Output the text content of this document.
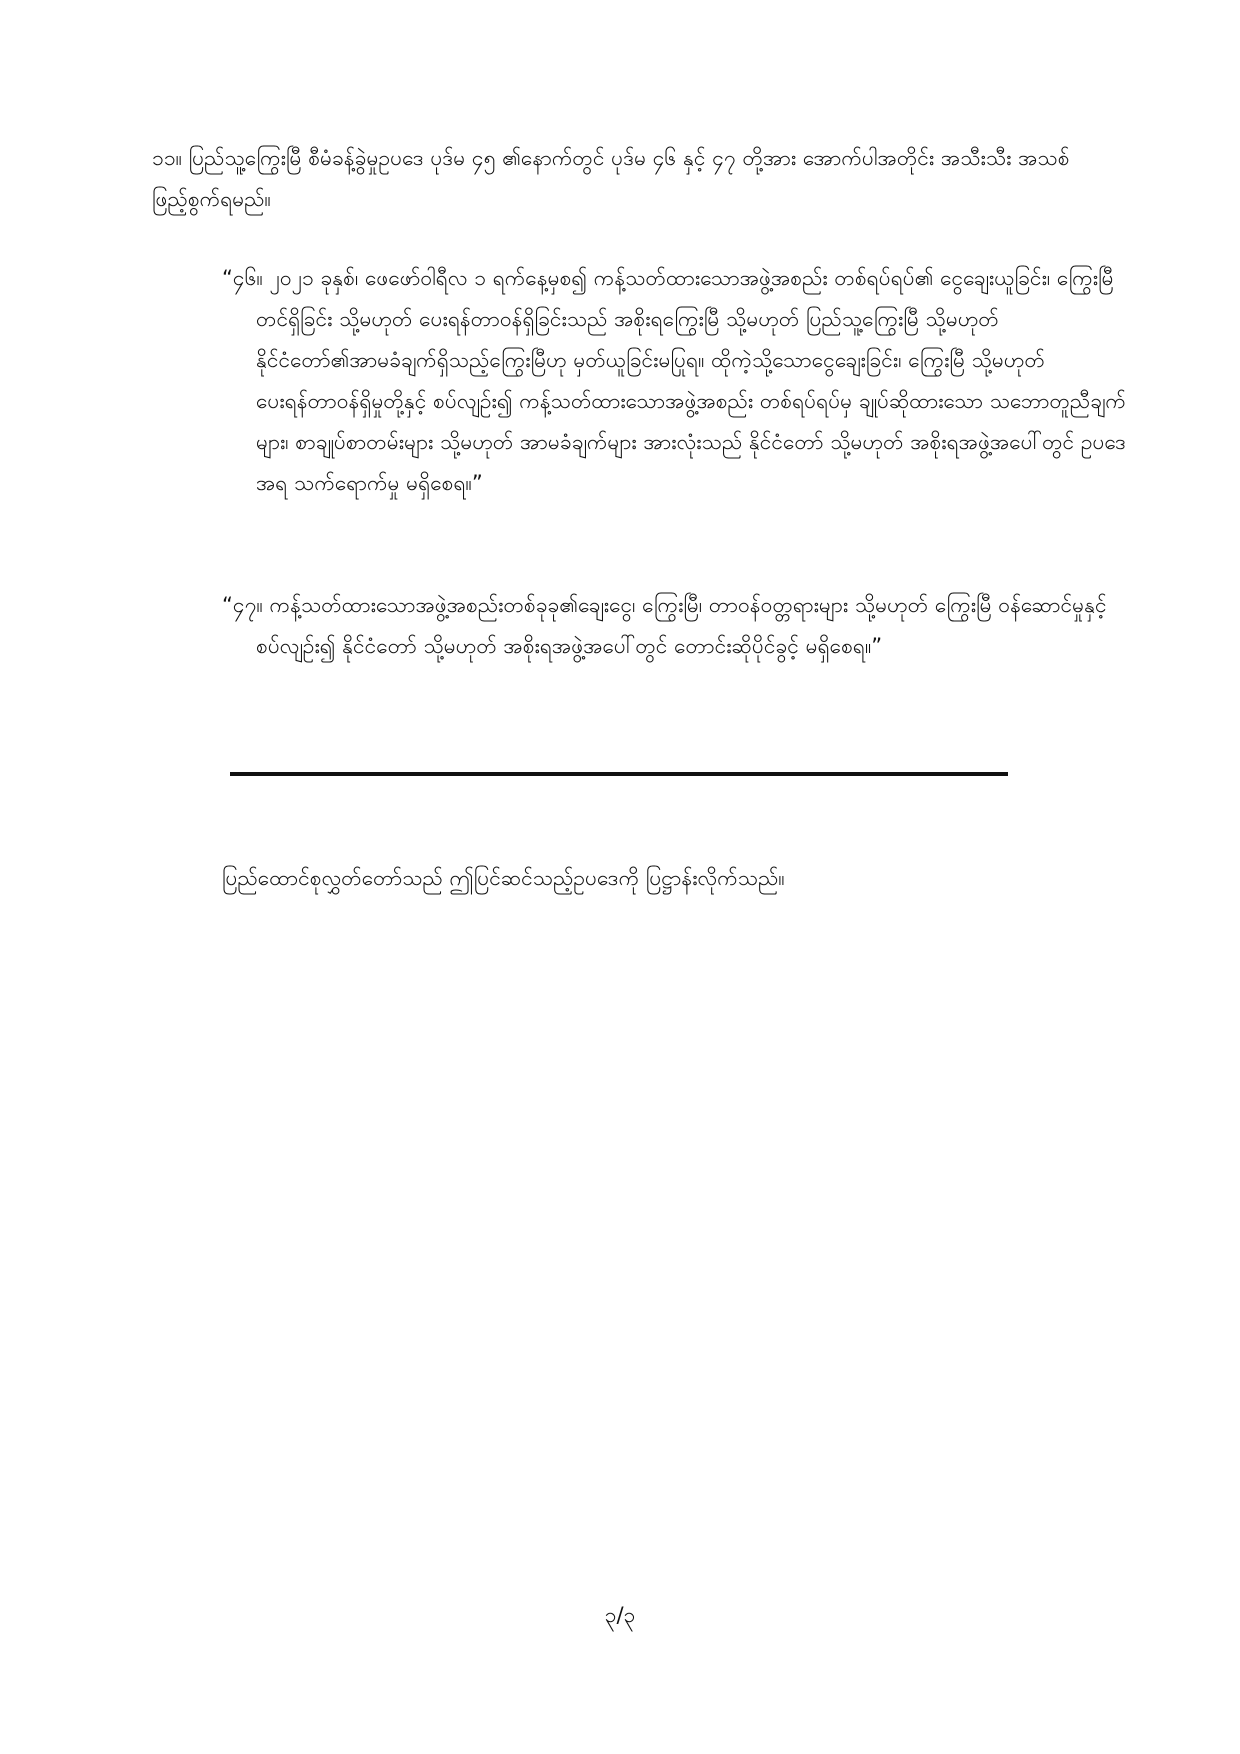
၁၁။ ပြည်သူ့ကြွေးမြီ စီမံခန့်ခွဲမှုဥပဒေ ပုဒ်မ ၄၅ ၏နောက်တွင် ပုဒ်မ ၄၆ နှင့် ၄၇ တို့အား အောက်ပါအတိုင်း အသီးသီး အသစ်ဖြည့်စွက်ရမည်။
“၄၆။ ၂၀၂၁ ခုနှစ်၊ ဖေဖော်ဝါရီလ ၁ ရက်နေ့မှစ၍ ကန့်သတ်ထားသောအဖွဲ့အစည်း တစ်ရပ်ရပ်၏ ငွေချေးယူခြင်း၊ ကြွေးမြီတင်ရှိခြင်း သို့မဟုတ် ပေးရန်တာဝန်ရှိခြင်းသည် အစိုးရကြွေးမြီ သို့မဟုတ် ပြည်သူ့ကြွေးမြီ သို့မဟုတ် နိုင်ငံတော်၏အာမခံချက်ရှိသည့်ကြွေးမြီဟု မှတ်ယူခြင်းမပြုရ။ ထိုကဲ့သို့သောငွေချေးခြင်း၊ ကြွေးမြီ သို့မဟုတ် ပေးရန်တာဝန်ရှိမှုတို့နှင့် စပ်လျဉ်း၍ ကန့်သတ်ထားသောအဖွဲ့အစည်း တစ်ရပ်ရပ်မှ ချုပ်ဆိုထားသော သဘောတူညီချက်များ၊ စာချုပ်စာတမ်းများ သို့မဟုတ် အာမခံချက်များ အားလုံးသည် နိုင်ငံတော် သို့မဟုတ် အစိုးရအဖွဲ့အပေါ်တွင် ဥပဒေအရ သက်ရောက်မှု မရှိစေရ။”
“၄၇။ ကန့်သတ်ထားသောအဖွဲ့အစည်းတစ်ခုခု၏ချေးငွေ၊ ကြွေးမြီ၊ တာဝန်ဝတ္တရားများ သို့မဟုတ် ကြွေးမြီ ဝန်ဆောင်မှုနှင့်စပ်လျဉ်း၍ နိုင်ငံတော် သို့မဟုတ် အစိုးရအဖွဲ့အပေါ်တွင် တောင်းဆိုပိုင်ခွင့် မရှိစေရ။”
ပြည်ထောင်စုလွှတ်တော်သည် ဤပြင်ဆင်သည့်ဥပဒေကို ပြဋ္ဌာန်းလိုက်သည်။
၃/၃
